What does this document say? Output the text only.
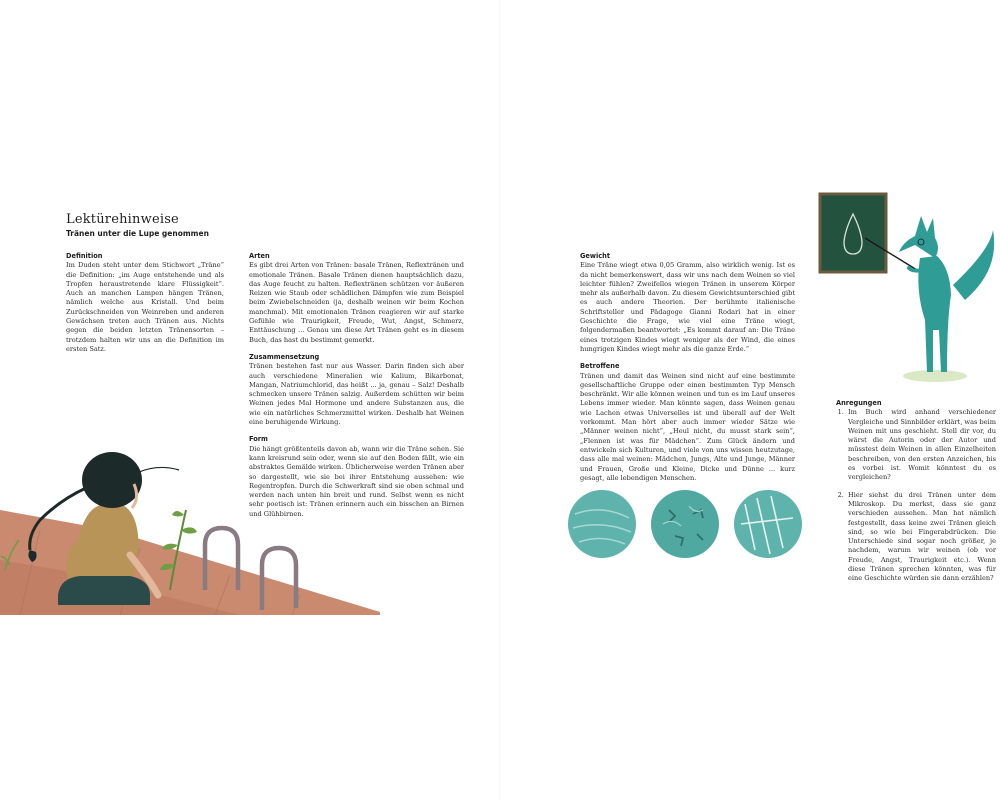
Lektürehinweise
Tränen unter die Lupe genommen
Definition
Im Duden steht unter dem Stichwort „Träne“ die Definition: „im Auge entstehende und als Tropfen heraustretende klare Flüssigkeit“. Auch an manchen Lampen hängen Tränen, nämlich welche aus Kristall. Und beim Zurückschneiden von Weinreben und anderen Gewächsen treten auch Tränen aus. Nichts gegen die beiden letzten Tränensorten – trotzdem halten wir uns an die Definition im ersten Satz.
Arten
Es gibt drei Arten von Tränen: basale Tränen, Reflextränen und emotionale Tränen. Basale Tränen dienen hauptsächlich dazu, das Auge feucht zu halten. Reflextränen schützen vor äußeren Reizen wie Staub oder schädlichen Dämpfen wie zum Beispiel beim Zwiebelschneiden (ja, deshalb weinen wir beim Kochen manchmal). Mit emotionalen Tränen reagieren wir auf starke Gefühle wie Traurigkeit, Freude, Wut, Angst, Schmerz, Enttäuschung ... Genau um diese Art Tränen geht es in diesem Buch, das hast du bestimmt gemerkt.
Zusammensetzung
Tränen bestehen fast nur aus Wasser. Darin finden sich aber auch verschiedene Mineralien wie Kalium, Bikarbonat, Mangan, Natriumchlorid, das heißt ... ja, genau – Salz! Deshalb schmecken unsere Tränen salzig. Außerdem schütten wir beim Weinen jedes Mal Hormone und andere Substanzen aus, die wie ein natürliches Schmerzmittel wirken. Deshalb hat Weinen eine beruhigende Wirkung.
Form
Die hängt größtenteils davon ab, wann wir die Träne sehen. Sie kann kreisrund sein oder, wenn sie auf den Boden fällt, wie ein abstraktes Gemälde wirken. Üblicherweise werden Tränen aber so dargestellt, wie sie bei ihrer Entstehung aussehen: wie Regentropfen. Durch die Schwerkraft sind sie oben schmal und werden nach unten hin breit und rund. Selbst wenn es nicht sehr poetisch ist: Tränen erinnern auch ein bisschen an Birnen und Glühbirnen.
Gewicht
Eine Träne wiegt etwa 0,05 Gramm, also wirklich wenig. Ist es da nicht bemerkenswert, dass wir uns nach dem Weinen so viel leichter fühlen? Zweifellos wiegen Tränen in unserem Körper mehr als außerhalb davon. Zu diesem Gewichtsunterschied gibt es auch andere Theorien. Der berühmte italienische Schriftsteller und Pädagoge Gianni Rodari hat in einer Geschichte die Frage, wie viel eine Träne wiegt, folgendermaßen beantwortet: „Es kommt darauf an: Die Träne eines trotzigen Kindes wiegt weniger als der Wind, die eines hungrigen Kindes wiegt mehr als die ganze Erde.“
Betroffene
Tränen und damit das Weinen sind nicht auf eine bestimmte gesellschaftliche Gruppe oder einen bestimmten Typ Mensch beschränkt. Wir alle können weinen und tun es im Lauf unseres Lebens immer wieder. Man könnte sagen, dass Weinen genau wie Lachen etwas Universelles ist und überall auf der Welt vorkommt. Man hört aber auch immer wieder Sätze wie „Männer weinen nicht“, „Heul nicht, du musst stark sein“, „Flennen ist was für Mädchen“. Zum Glück ändern und entwickeln sich Kulturen, und viele von uns wissen heutzutage, dass alle mal weinen: Mädchen, Jungs, Alte und Junge, Männer und Frauen, Große und Kleine, Dicke und Dünne ... kurz gesagt, alle lebendigen Menschen.
Anregungen
1. Im Buch wird anhand verschiedener Vergleiche und Sinnbilder erklärt, was beim Weinen mit uns geschieht. Stell dir vor, du wärst die Autorin oder der Autor und müsstest dein Weinen in allen Einzelheiten beschreiben, von den ersten Anzeichen, bis es vorbei ist. Womit könntest du es vergleichen?
2. Hier siehst du drei Tränen unter dem Mikroskop. Du merkst, dass sie ganz verschieden aussehen. Man hat nämlich festgestellt, dass keine zwei Tränen gleich sind, so wie bei Fingerabdrücken. Die Unterschiede sind sogar noch größer, je nachdem, warum wir weinen (ob vor Freude, Angst, Traurigkeit etc.). Wenn diese Tränen sprechen könnten, was für eine Geschichte würden sie dann erzählen?
